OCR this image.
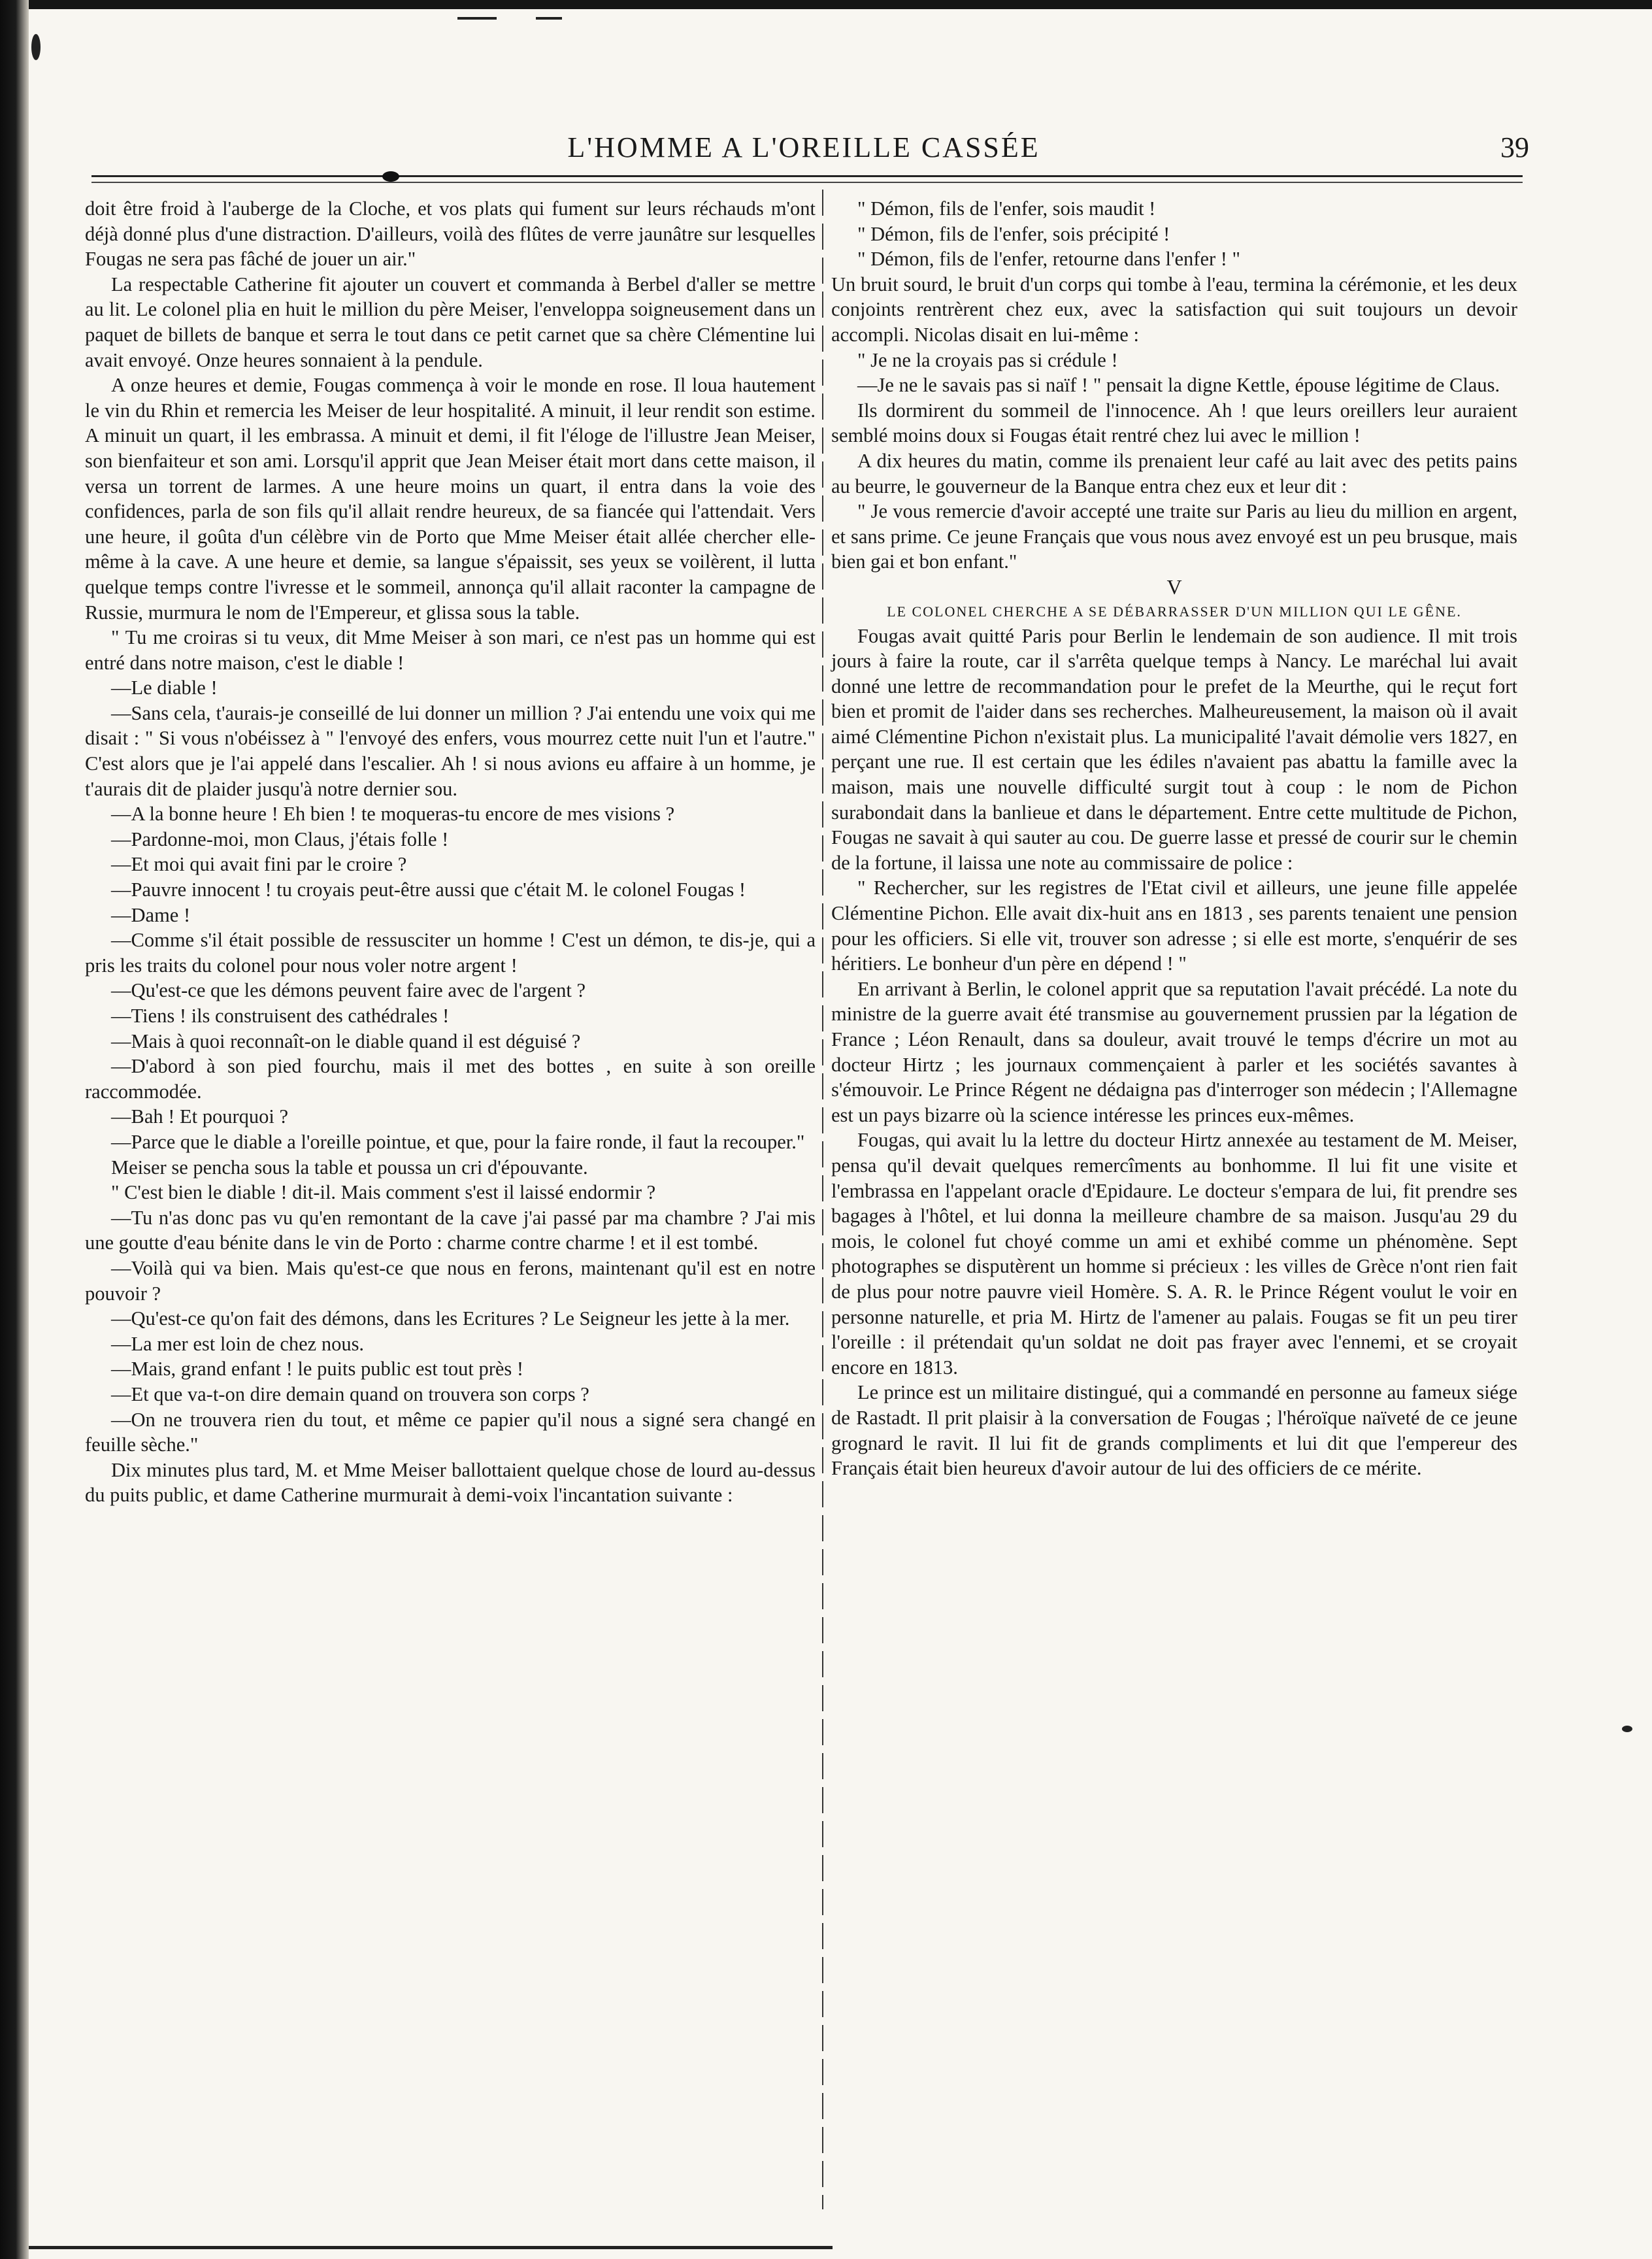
L'HOMME A L'OREILLE CASSÉE	39

doit être froid à l'auberge de la Cloche, et vos plats qui fument sur leurs réchauds m'ont déjà donné plus d'une distraction. D'ailleurs, voilà des flûtes de verre jaunâtre sur lesquelles Fougas ne sera pas fâché de jouer un air."

La respectable Catherine fit ajouter un couvert et commanda à Berbel d'aller se mettre au lit. Le colonel plia en huit le million du père Meiser, l'enveloppa soigneusement dans un paquet de billets de banque et serra le tout dans ce petit carnet que sa chère Clémentine lui avait envoyé. Onze heures sonnaient à la pendule.

A onze heures et demie, Fougas commença à voir le monde en rose. Il loua hautement le vin du Rhin et remercia les Meiser de leur hospitalité. A minuit, il leur rendit son estime. A minuit un quart, il les embrassa. A minuit et demi, il fit l'éloge de l'illustre Jean Meiser, son bienfaiteur et son ami. Lorsqu'il apprit que Jean Meiser était mort dans cette maison, il versa un torrent de larmes. A une heure moins un quart, il entra dans la voie des confidences, parla de son fils qu'il allait rendre heureux, de sa fiancée qui l'attendait. Vers une heure, il goûta d'un célèbre vin de Porto que Mme Meiser était allée chercher elle-même à la cave. A une heure et demie, sa langue s'épaissit, ses yeux se voilèrent, il lutta quelque temps contre l'ivresse et le sommeil, annonça qu'il allait raconter la campagne de Russie, murmura le nom de l'Empereur, et glissa sous la table.

" Tu me croiras si tu veux, dit Mme Meiser à son mari, ce n'est pas un homme qui est entré dans notre maison, c'est le diable !

—Le diable !

—Sans cela, t'aurais-je conseillé de lui donner un million ? J'ai entendu une voix qui me disait : " Si vous n'obéissez à " l'envoyé des enfers, vous mourrez cette nuit l'un et l'autre." C'est alors que je l'ai appelé dans l'escalier. Ah ! si nous avions eu affaire à un homme, je t'aurais dit de plaider jusqu'à notre dernier sou.

—A la bonne heure ! Eh bien ! te moqueras-tu encore de mes visions ?

—Pardonne-moi, mon Claus, j'étais folle !

—Et moi qui avait fini par le croire ?

—Pauvre innocent ! tu croyais peut-être aussi que c'était M. le colonel Fougas !

—Dame !

—Comme s'il était possible de ressusciter un homme ! C'est un démon, te dis-je, qui a pris les traits du colonel pour nous voler notre argent !

—Qu'est-ce que les démons peuvent faire avec de l'argent ?

—Tiens ! ils construisent des cathédrales !

—Mais à quoi reconnaît-on le diable quand il est déguisé ?

—D'abord à son pied fourchu, mais il met des bottes , en suite à son oreille raccommodée.

—Bah ! Et pourquoi ?

—Parce que le diable a l'oreille pointue, et que, pour la faire ronde, il faut la recouper."

Meiser se pencha sous la table et poussa un cri d'épouvante.

" C'est bien le diable ! dit-il. Mais comment s'est il laissé endormir ?

—Tu n'as donc pas vu qu'en remontant de la cave j'ai passé par ma chambre ? J'ai mis une goutte d'eau bénite dans le vin de Porto : charme contre charme ! et il est tombé.

—Voilà qui va bien. Mais qu'est-ce que nous en ferons, maintenant qu'il est en notre pouvoir ?

—Qu'est-ce qu'on fait des démons, dans les Ecritures ? Le Seigneur les jette à la mer.

—La mer est loin de chez nous.

—Mais, grand enfant ! le puits public est tout près !

—Et que va-t-on dire demain quand on trouvera son corps ?

—On ne trouvera rien du tout, et même ce papier qu'il nous a signé sera changé en feuille sèche."

Dix minutes plus tard, M. et Mme Meiser ballottaient quelque chose de lourd au-dessus du puits public, et dame Catherine murmurait à demi-voix l'incantation suivante :

" Démon, fils de l'enfer, sois maudit !

" Démon, fils de l'enfer, sois précipité !

" Démon, fils de l'enfer, retourne dans l'enfer ! "

Un bruit sourd, le bruit d'un corps qui tombe à l'eau, termina la cérémonie, et les deux conjoints rentrèrent chez eux, avec la satisfaction qui suit toujours un devoir accompli. Nicolas disait en lui-même :

" Je ne la croyais pas si crédule !

—Je ne le savais pas si naïf ! " pensait la digne Kettle, épouse légitime de Claus.

Ils dormirent du sommeil de l'innocence. Ah ! que leurs oreillers leur auraient semblé moins doux si Fougas était rentré chez lui avec le million !

A dix heures du matin, comme ils prenaient leur café au lait avec des petits pains au beurre, le gouverneur de la Banque entra chez eux et leur dit :

" Je vous remercie d'avoir accepté une traite sur Paris au lieu du million en argent, et sans prime. Ce jeune Français que vous nous avez envoyé est un peu brusque, mais bien gai et bon enfant."

V

LE COLONEL CHERCHE A SE DÉBARRASSER D'UN MILLION QUI LE GÊNE.

Fougas avait quitté Paris pour Berlin le lendemain de son audience. Il mit trois jours à faire la route, car il s'arrêta quelque temps à Nancy. Le maréchal lui avait donné une lettre de recommandation pour le prefet de la Meurthe, qui le reçut fort bien et promit de l'aider dans ses recherches. Malheureusement, la maison où il avait aimé Clémentine Pichon n'existait plus. La municipalité l'avait démolie vers 1827, en perçant une rue. Il est certain que les édiles n'avaient pas abattu la famille avec la maison, mais une nouvelle difficulté surgit tout à coup : le nom de Pichon surabondait dans la banlieue et dans le département. Entre cette multitude de Pichon, Fougas ne savait à qui sauter au cou. De guerre lasse et pressé de courir sur le chemin de la fortune, il laissa une note au commissaire de police :

" Rechercher, sur les registres de l'Etat civil et ailleurs, une jeune fille appelée Clémentine Pichon. Elle avait dix-huit ans en 1813 , ses parents tenaient une pension pour les officiers. Si elle vit, trouver son adresse ; si elle est morte, s'enquérir de ses héritiers. Le bonheur d'un père en dépend ! "

En arrivant à Berlin, le colonel apprit que sa reputation l'avait précédé. La note du ministre de la guerre avait été transmise au gouvernement prussien par la légation de France ; Léon Renault, dans sa douleur, avait trouvé le temps d'écrire un mot au docteur Hirtz ; les journaux commençaient à parler et les sociétés savantes à s'émouvoir. Le Prince Régent ne dédaigna pas d'interroger son médecin ; l'Allemagne est un pays bizarre où la science intéresse les princes eux-mêmes.

Fougas, qui avait lu la lettre du docteur Hirtz annexée au testament de M. Meiser, pensa qu'il devait quelques remercîments au bonhomme. Il lui fit une visite et l'embrassa en l'appelant oracle d'Epidaure. Le docteur s'empara de lui, fit prendre ses bagages à l'hôtel, et lui donna la meilleure chambre de sa maison. Jusqu'au 29 du mois, le colonel fut choyé comme un ami et exhibé comme un phénomène. Sept photographes se disputèrent un homme si précieux : les villes de Grèce n'ont rien fait de plus pour notre pauvre vieil Homère. S. A. R. le Prince Régent voulut le voir en personne naturelle, et pria M. Hirtz de l'amener au palais. Fougas se fit un peu tirer l'oreille : il prétendait qu'un soldat ne doit pas frayer avec l'ennemi, et se croyait encore en 1813.

Le prince est un militaire distingué, qui a commandé en personne au fameux siége de Rastadt. Il prit plaisir à la conversation de Fougas ; l'héroïque naïveté de ce jeune grognard le ravit. Il lui fit de grands compliments et lui dit que l'empereur des Français était bien heureux d'avoir autour de lui des officiers de ce mérite.
